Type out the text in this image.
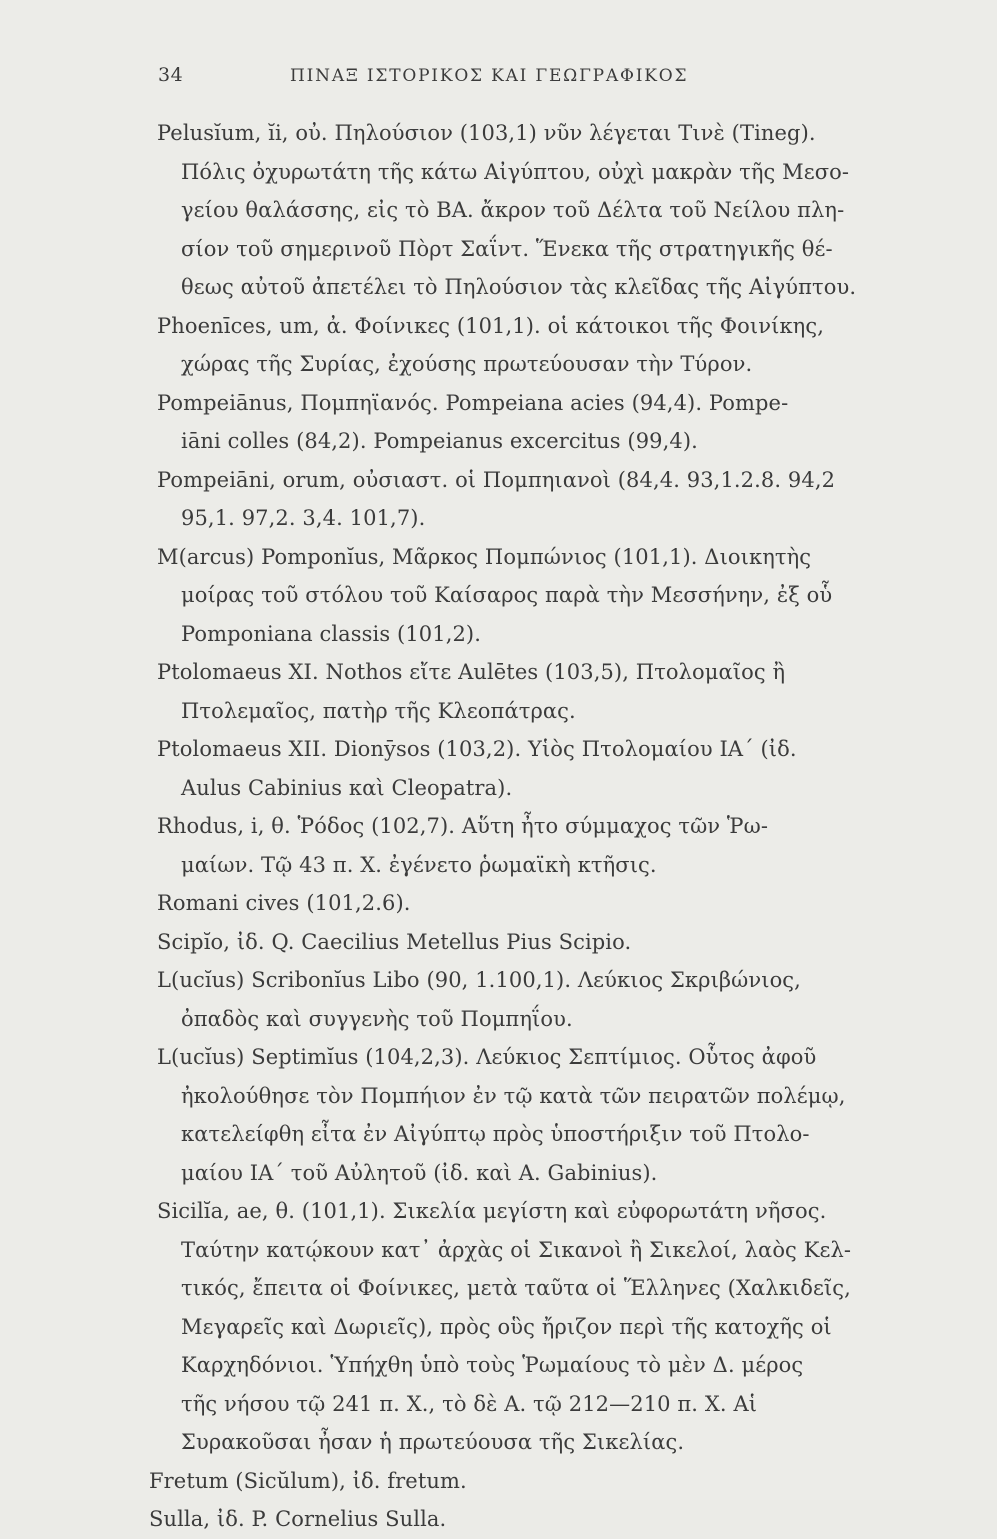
34	ΠΙΝΑΞ ΙΣΤΟΡΙΚΟΣ ΚΑΙ ΓΕΩΓΡΑΦΙΚΟΣ

Pelusĭum, ĭi, οὐ. Πηλούσιον (103,1) νῦν λέγεται Τινὲ (Tineg).
Πόλις ὀχυρωτάτη τῆς κάτω Αἰγύπτου, οὐχὶ μακρὰν τῆς Μεσο-
γείου θαλάσσης, εἰς τὸ ΒΑ. ἄκρον τοῦ Δέλτα τοῦ Νείλου πλη-
σίον τοῦ σημερινοῦ Πὸρτ Σαΐντ. Ἕνεκα τῆς στρατηγικῆς θέ-
θεως αὐτοῦ ἀπετέλει τὸ Πηλούσιον τὰς κλεῖδας τῆς Αἰγύπτου.

Phoenīces, um, ἀ. Φοίνικες (101,1). οἱ κάτοικοι τῆς Φοινίκης,
χώρας τῆς Συρίας, ἐχούσης πρωτεύουσαν τὴν Τύρον.

Pompeiānus, Πομπηϊανός. Pompeiana acies (94,4). Pompe-
iāni colles (84,2). Pompeianus excercitus (99,4).

Pompeiāni, orum, οὐσιαστ. οἱ Πομπηιανοὶ (84,4. 93,1.2.8. 94,2
95,1. 97,2. 3,4. 101,7).

M(arcus) Pomponĭus, Μᾶρκος Πομπώνιος (101,1). Διοικητὴς
μοίρας τοῦ στόλου τοῦ Καίσαρος παρὰ τὴν Μεσσήνην, ἐξ οὗ
Pomponiana classis (101,2).

Ptolomaeus XI. Nothos εἴτε Aulētes (103,5), Πτολομαῖος ἢ
Πτολεμαῖος, πατὴρ τῆς Κλεοπάτρας.

Ptolomaeus XII. Dionȳsos (103,2). Υἱὸς Πτολομαίου ΙΑ΄ (ἰδ.
Aulus Cabinius καὶ Cleopatra).

Rhodus, i, θ. Ῥόδος (102,7). Αὕτη ἦτο σύμμαχος τῶν Ῥω-
μαίων. Τῷ 43 π. Χ. ἐγένετο ῥωμαϊκὴ κτῆσις.

Romani cives (101,2.6).

Scipĭo, ἰδ. Q. Caecilius Metellus Pius Scipio.

L(ucĭus) Scribonĭus Libo (90, 1.100,1). Λεύκιος Σκριβώνιος,
ὀπαδὸς καὶ συγγενὴς τοῦ Πομπηΐου.

L(ucĭus) Septimĭus (104,2,3). Λεύκιος Σεπτίμιος. Οὗτος ἀφοῦ
ἠκολούθησε τὸν Πομπήιον ἐν τῷ κατὰ τῶν πειρατῶν πολέμῳ,
κατελείφθη εἶτα ἐν Αἰγύπτῳ πρὸς ὑποστήριξιν τοῦ Πτολο-
μαίου ΙΑ΄ τοῦ Αὐλητοῦ (ἰδ. καὶ A. Gabinius).

Sicilĭa, ae, θ. (101,1). Σικελία μεγίστη καὶ εὐφορωτάτη νῆσος.
Ταύτην κατῴκουν κατ᾽ ἀρχὰς οἱ Σικανοὶ ἢ Σικελοί, λαὸς Κελ-
τικός, ἔπειτα οἱ Φοίνικες, μετὰ ταῦτα οἱ Ἕλληνες (Χαλκιδεῖς,
Μεγαρεῖς καὶ Δωριεῖς), πρὸς οὓς ἤριζον περὶ τῆς κατοχῆς οἱ
Καρχηδόνιοι. Ὑπήχθη ὑπὸ τοὺς Ῥωμαίους τὸ μὲν Δ. μέρος
τῆς νήσου τῷ 241 π. Χ., τὸ δὲ Α. τῷ 212—210 π. Χ. Αἱ
Συρακοῦσαι ἦσαν ἡ πρωτεύουσα τῆς Σικελίας.

Fretum (Sicŭlum), ἰδ. fretum.

Sulla, ἰδ. P. Cornelius Sulla.
